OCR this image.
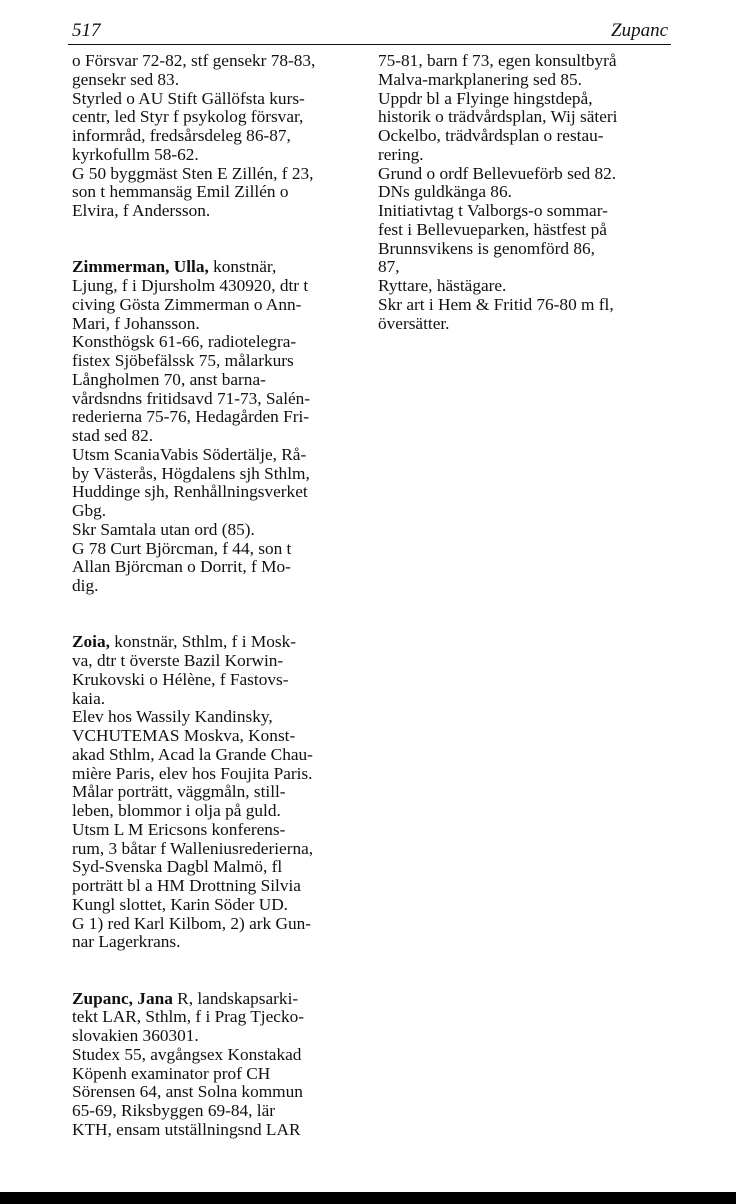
517	Zupanc
o Försvar 72-82, stf gensekr 78-83,
gensekr sed 83.
Styrled o AU Stift Gällöfsta kurs-
centr, led Styr f psykolog försvar,
informråd, fredsårsdeleg 86-87,
kyrkofullm 58-62.
G 50 byggmäst Sten E Zillén, f 23,
son t hemmansäg Emil Zillén o
Elvira, f Andersson.
Zimmerman, Ulla, konstnär,
Ljung, f i Djursholm 430920, dtr t
civing Gösta Zimmerman o Ann-
Mari, f Johansson.
Konsthögsk 61-66, radiotelegra-
fistex Sjöbefälssk 75, målarkurs
Långholmen 70, anst barna-
vårdsndns fritidsavd 71-73, Salén-
rederierna 75-76, Hedagården Fri-
stad sed 82.
Utsm ScaniaVabis Södertälje, Rå-
by Västerås, Högdalens sjh Sthlm,
Huddinge sjh, Renhållningsverket
Gbg.
Skr Samtala utan ord (85).
G 78 Curt Björcman, f 44, son t
Allan Björcman o Dorrit, f Mo-
dig.
Zoia, konstnär, Sthlm, f i Mosk-
va, dtr t överste Bazil Korwin-
Krukovski o Hélène, f Fastovs-
kaia.
Elev hos Wassily Kandinsky,
VCHUTEMAS Moskva, Konst-
akad Sthlm, Acad la Grande Chau-
mière Paris, elev hos Foujita Paris.
Målar porträtt, väggmåln, still-
leben, blommor i olja på guld.
Utsm L M Ericsons konferens-
rum, 3 båtar f Walleniusrederierna,
Syd-Svenska Dagbl Malmö, fl
porträtt bl a HM Drottning Silvia
Kungl slottet, Karin Söder UD.
G 1) red Karl Kilbom, 2) ark Gun-
nar Lagerkrans.
Zupanc, Jana R, landskapsarki-
tekt LAR, Sthlm, f i Prag Tjecko-
slovakien 360301.
Studex 55, avgångsex Konstakad
Köpenh examinator prof CH
Sörensen 64, anst Solna kommun
65-69, Riksbyggen 69-84, lär
KTH, ensam utställningsnd LAR
75-81, barn f 73, egen konsultbyrå
Malva-markplanering sed 85.
Uppdr bl a Flyinge hingstdepå,
historik o trädvårdsplan, Wij säteri
Ockelbo, trädvårdsplan o restau-
rering.
Grund o ordf Bellevueförb sed 82.
DNs guldkänga 86.
Initiativtag t Valborgs-o sommar-
fest i Bellevueparken, hästfest på
Brunnsvikens is genomförd 86,
87,
Ryttare, hästägare.
Skr art i Hem & Fritid 76-80 m fl,
översätter.
